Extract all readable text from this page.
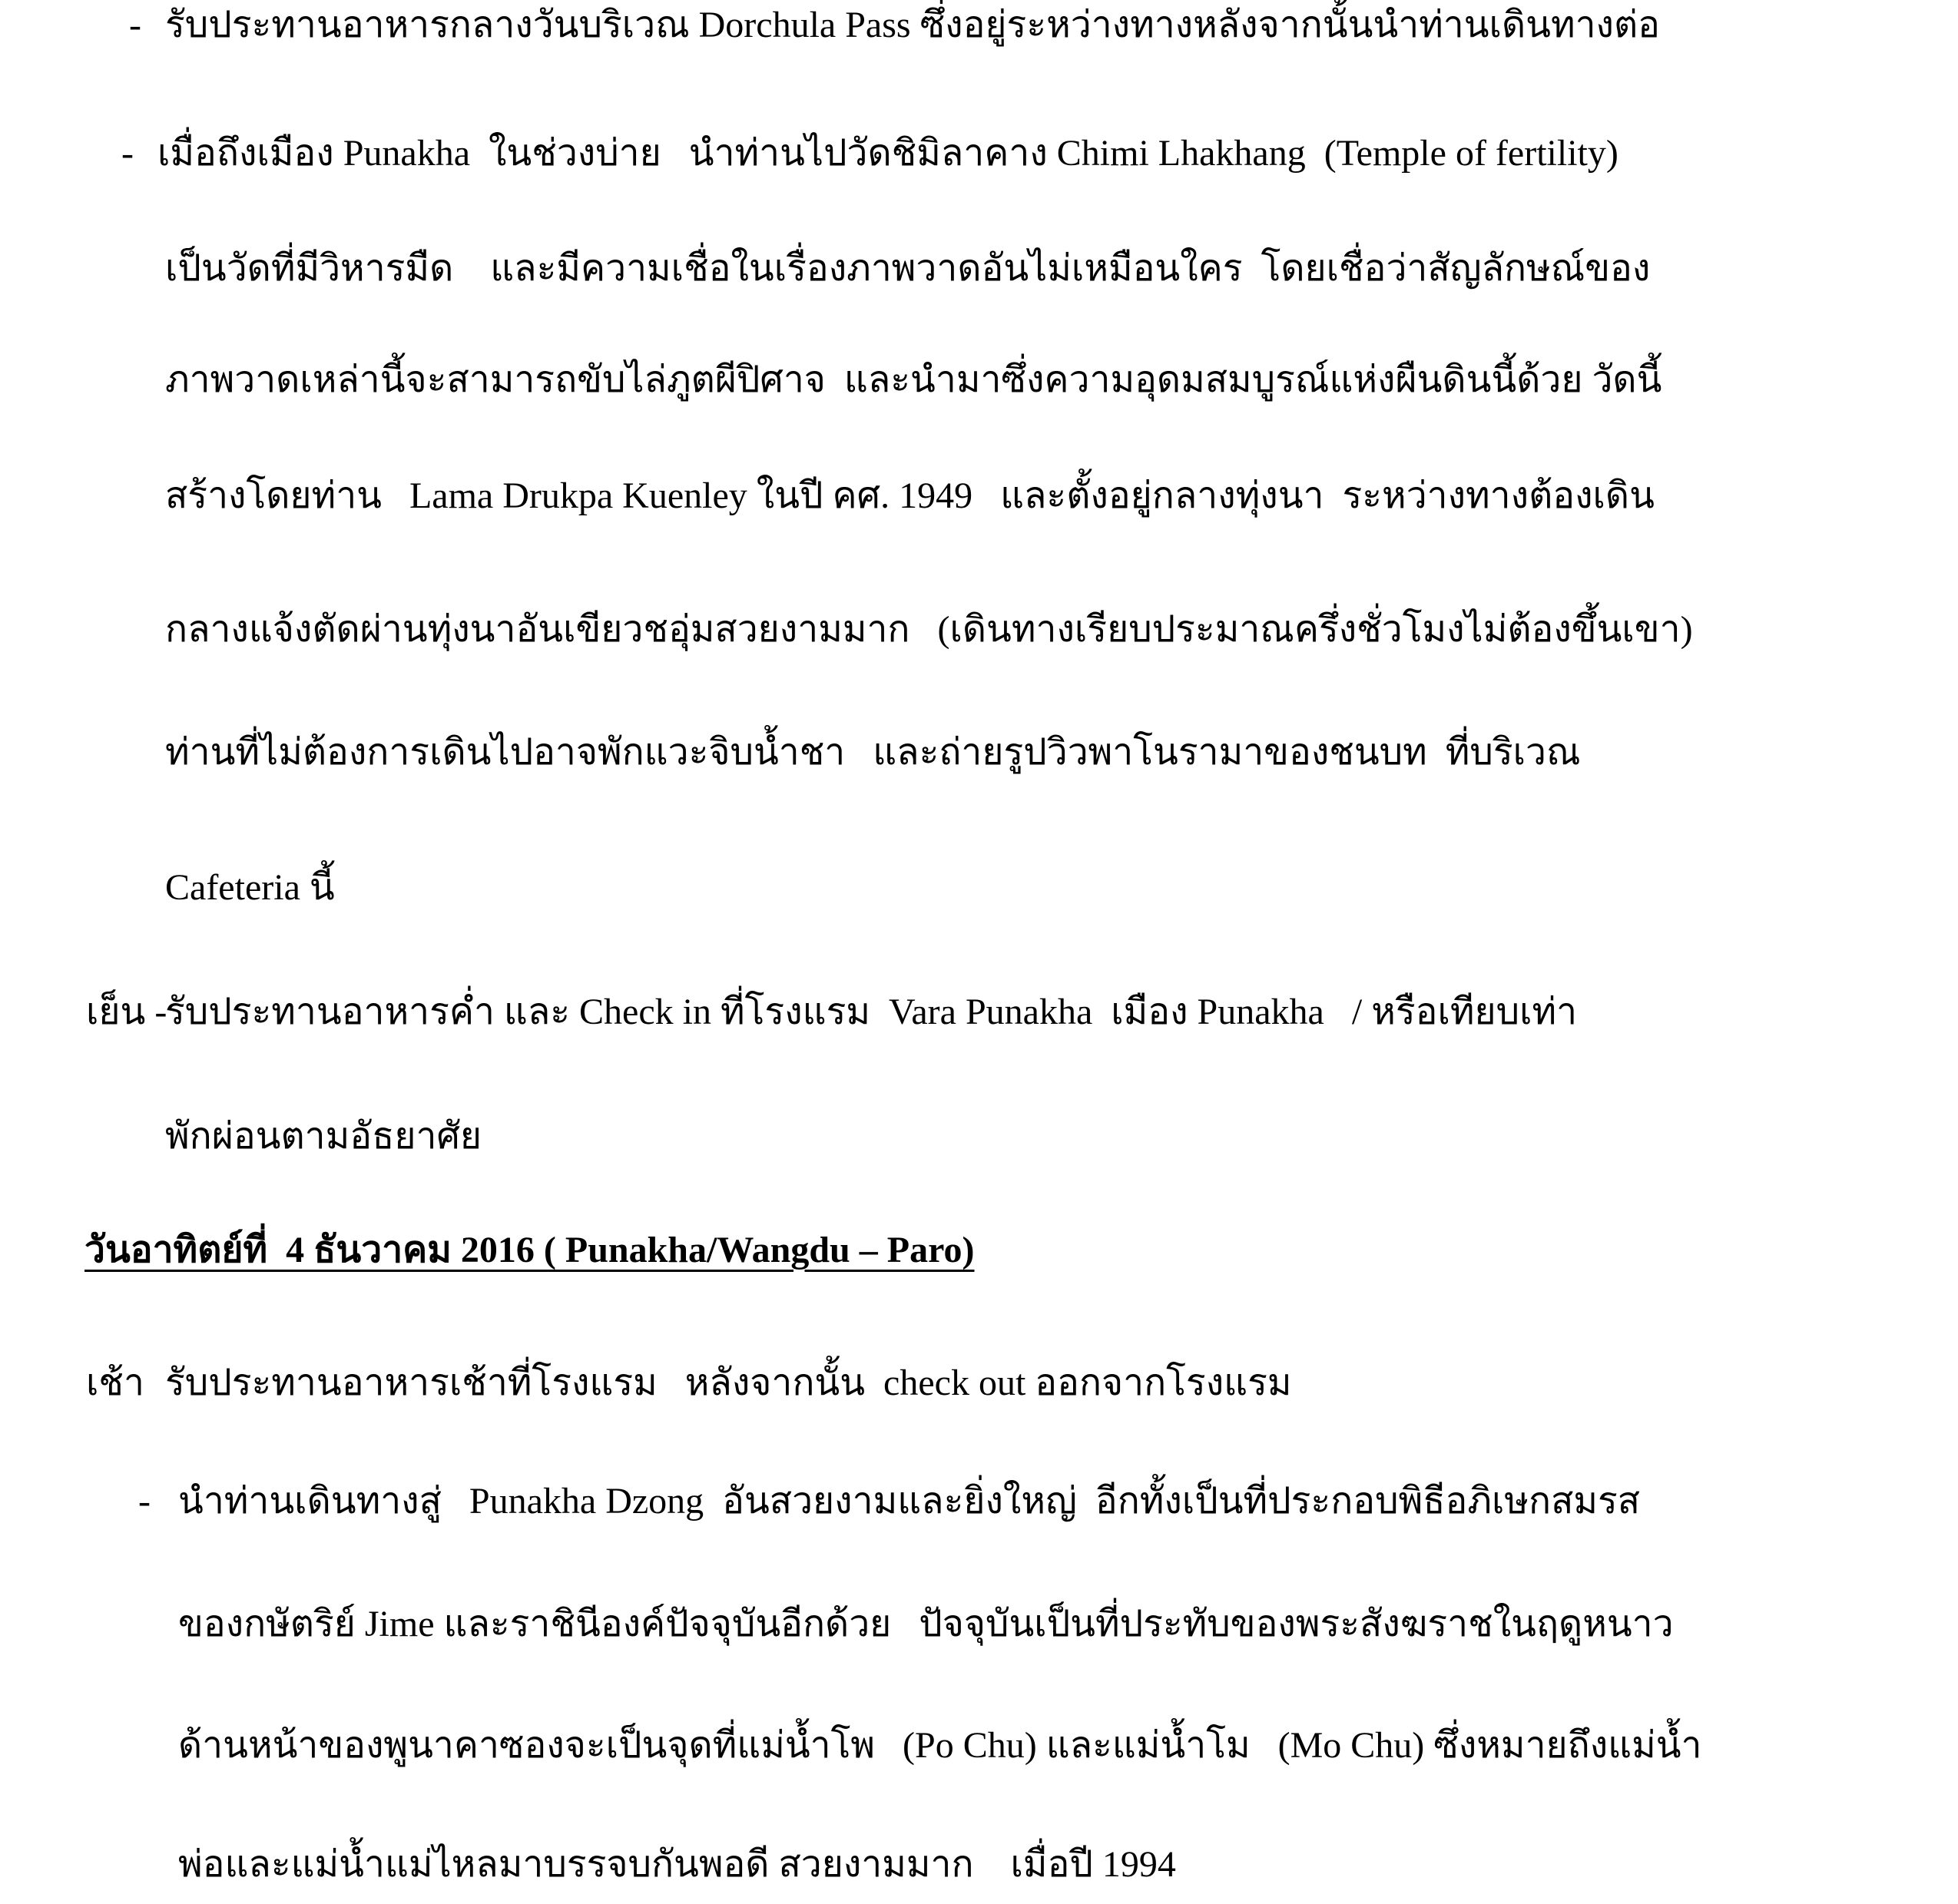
-

รับประทานอาหารกลางวันบริเวณ Dorchula Pass ซึ่งอยู่ระหว่างทางหลังจากนั้นนำท่านเดินทางต่อ

-

เมื่อถึงเมือง Punakha  ในช่วงบ่าย   นำท่านไปวัดชิมิลาคาง Chimi Lhakhang  (Temple of fertility)

เป็นวัดที่มีวิหารมืด    และมีความเชื่อในเรื่องภาพวาดอันไม่เหมือนใคร  โดยเชื่อว่าสัญลักษณ์ของ

ภาพวาดเหล่านี้จะสามารถขับไล่ภูตผีปิศาจ  และนำมาซึ่งความอุดมสมบูรณ์แห่งผืนดินนี้ด้วย วัดนี้

สร้างโดยท่าน   Lama Drukpa Kuenley ในปี คศ. 1949   และตั้งอยู่กลางทุ่งนา  ระหว่างทางต้องเดิน

กลางแจ้งตัดผ่านทุ่งนาอันเขียวชอุ่มสวยงามมาก   (เดินทางเรียบประมาณครึ่งชั่วโมงไม่ต้องขึ้นเขา)

ท่านที่ไม่ต้องการเดินไปอาจพักแวะจิบน้ำชา   และถ่ายรูปวิวพาโนรามาของชนบท  ที่บริเวณ

Cafeteria นี้

เย็น -

รับประทานอาหารค่ำ และ Check in ที่โรงแรม  Vara Punakha  เมือง Punakha   / หรือเทียบเท่า

พักผ่อนตามอัธยาศัย

วันอาทิตย์ที่  4 ธันวาคม 2016 ( Punakha/Wangdu – Paro)

เช้า

รับประทานอาหารเช้าที่โรงแรม   หลังจากนั้น  check out ออกจากโรงแรม

-

นำท่านเดินทางสู่   Punakha Dzong  อันสวยงามและยิ่งใหญ่  อีกทั้งเป็นที่ประกอบพิธีอภิเษกสมรส

ของกษัตริย์ Jime และราชินีองค์ปัจจุบันอีกด้วย   ปัจจุบันเป็นที่ประทับของพระสังฆราชในฤดูหนาว

ด้านหน้าของพูนาคาซองจะเป็นจุดที่แม่น้ำโพ   (Po Chu) และแม่น้ำโม   (Mo Chu) ซึ่งหมายถึงแม่น้ำ

พ่อและแม่น้ำแม่ไหลมาบรรจบกันพอดี สวยงามมาก    เมื่อปี 1994
